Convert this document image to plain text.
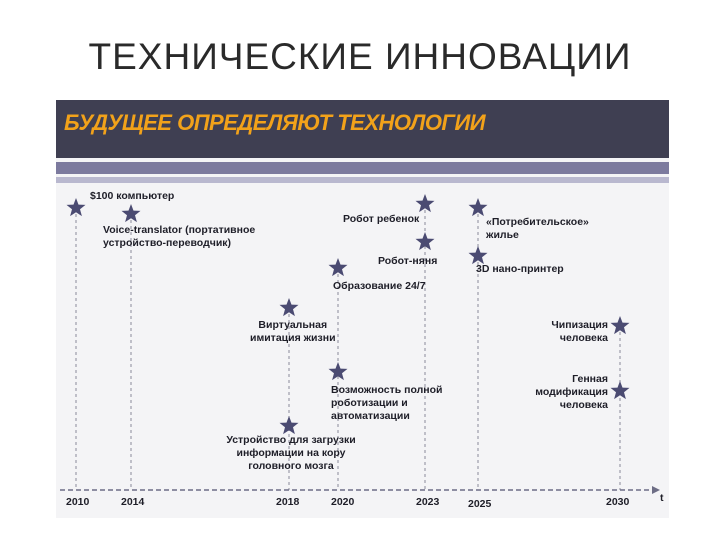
ТЕХНИЧЕСКИЕ ИННОВАЦИИ
БУДУЩЕЕ ОПРЕДЕЛЯЮТ ТЕХНОЛОГИИ
$100 компьютер
Voice-translator (портативное
устройство-переводчик)
Робот ребенок
Робот-няня
«Потребительское»
жилье
3D нано-принтер
Образование 24/7
Виртуальная
имитация жизни
Чипизация
человека
Возможность полной
роботизации и
автоматизации
Генная
модификация
человека
Устройство для загрузки
информации на кору
головного мозга
2010	2014	2018	2020	2023	2025	2030	t
